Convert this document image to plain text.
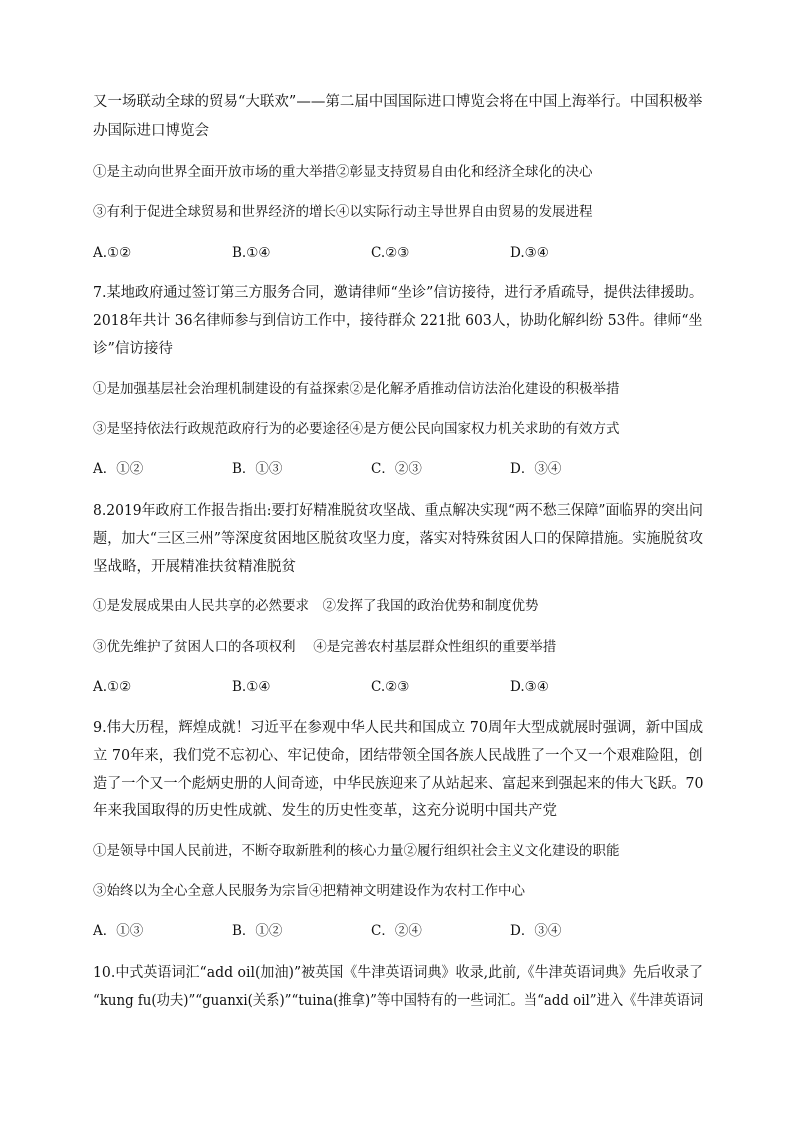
又一场联动全球的贸易“大联欢”——第二届中国国际进口博览会将在中国上海举行。中国积极举
办国际进口博览会
①是主动向世界全面开放市场的重大举措②彰显支持贸易自由化和经济全球化的决心
③有利于促进全球贸易和世界经济的增长④以实际行动主导世界自由贸易的发展进程
A.①②	B.①④	C.②③	D.③④
7.某地政府通过签订第三方服务合同，邀请律师“坐诊”信访接待，进行矛盾疏导，提供法律援助。
2018年共计 36名律师参与到信访工作中，接待群众 221批 603人，协助化解纠纷 53件。律师“坐
诊”信访接待
①是加强基层社会治理机制建设的有益探索②是化解矛盾推动信访法治化建设的积极举措
③是坚持依法行政规范政府行为的必要途径④是方便公民向国家权力机关求助的有效方式
A．①②	B．①③	C．②③	D．③④
8.2019年政府工作报告指出:要打好精准脱贫攻坚战、重点解决实现“两不愁三保障”面临界的突出问
题，加大“三区三州”等深度贫困地区脱贫攻坚力度，落实对特殊贫困人口的保障措施。实施脱贫攻
坚战略，开展精准扶贫精准脱贫
①是发展成果由人民共享的必然要求　②发挥了我国的政治优势和制度优势
③优先维护了贫困人口的各项权利　 ④是完善农村基层群众性组织的重要举措
A.①②	B.①④	C.②③	D.③④
9.伟大历程，辉煌成就！习近平在参观中华人民共和国成立 70周年大型成就展时强调，新中国成
立 70年来，我们党不忘初心、牢记使命，团结带领全国各族人民战胜了一个又一个艰难险阻，创
造了一个又一个彪炳史册的人间奇迹，中华民族迎来了从站起来、富起来到强起来的伟大飞跃。70
年来我国取得的历史性成就、发生的历史性变革，这充分说明中国共产党
①是领导中国人民前进，不断夺取新胜利的核心力量②履行组织社会主义文化建设的职能
③始终以为全心全意人民服务为宗旨④把精神文明建设作为农村工作中心
A．①③	B．①②	C．②④	D．③④
10.中式英语词汇“add oil(加油)”被英国《牛津英语词典》收录,此前,《牛津英语词典》先后收录了
“kung fu(功夫)”“guanxi(关系)”“tuina(推拿)”等中国特有的一些词汇。当“add oil”进入《牛津英语词
